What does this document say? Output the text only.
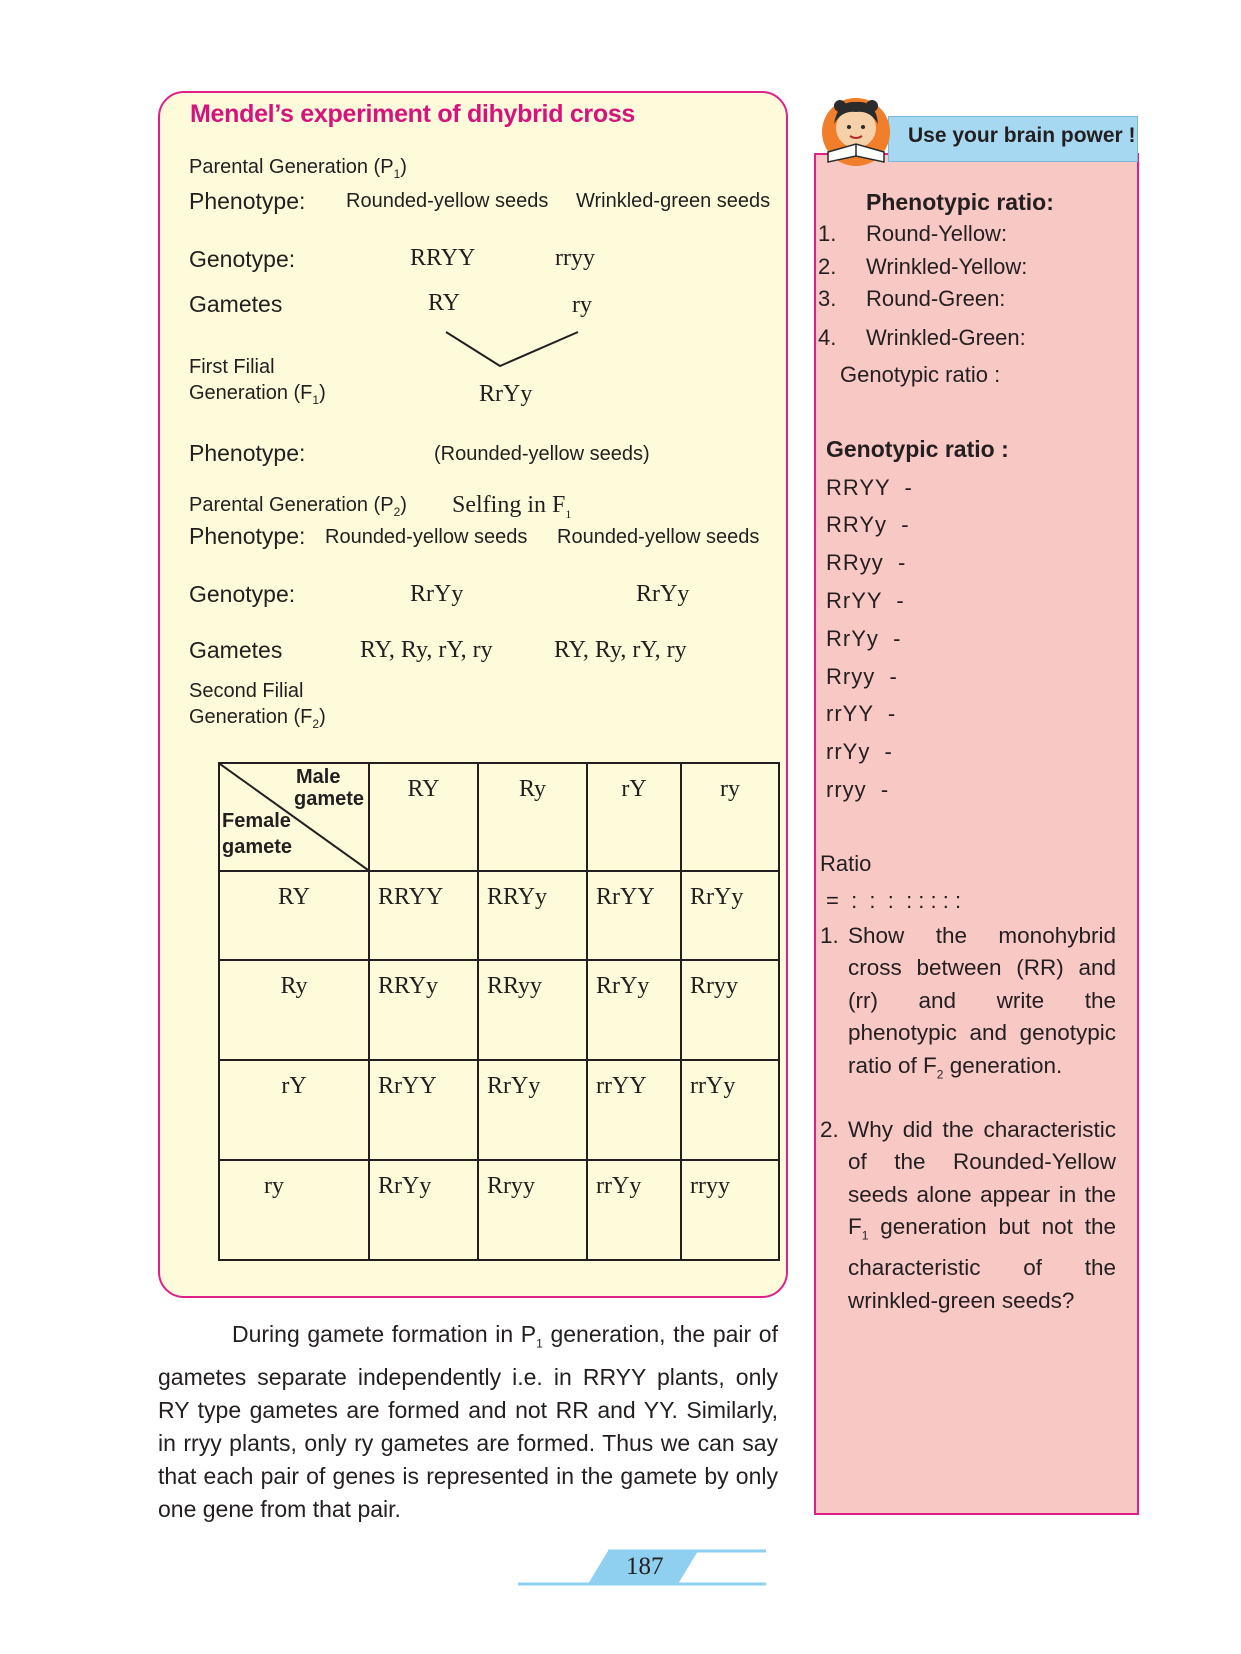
Mendel’s experiment of dihybrid cross
Parental Generation $(P_1)$
Phenotype: Rounded-yellow seeds Wrinkled-green seeds
Genotype:	RRYY	rryy
Gametes	RY	ry
First Filial
Generation $(F_1)$	RrYy
Phenotype:	(Rounded-yellow seeds)
Parental Generation $(P_2)$ Selfing in $F_1$
Phenotype: Rounded-yellow seeds Rounded-yellow seeds
Genotype:	RrYy	RrYy
Gametes	RY, Ry, rY, ry	RY, Ry, rY, ry
Second Filial
Generation $(F_2)$
Male
gamete
Female
gamete	RY	Ry	rY	ry
RY	RRYY	RRYy	RrYY	RrYy
Ry	RRYy	RRyy	RrYy	Rryy
rY	RrYY	RrYy	rrYY	rrYy
ry	RrYy	Rryy	rrYy	rryy
During gamete formation in $P_1$ generation, the pair of gametes separate independently i.e. in RRYY plants, only RY type gametes are formed and not RR and YY. Similarly, in rryy plants, only ry gametes are formed. Thus we can say that each pair of genes is represented in the gamete by only one gene from that pair.
Use your brain power !
Phenotypic ratio:
1. Round-Yellow:
2. Wrinkled-Yellow:
3. Round-Green:
4. Wrinkled-Green:
Genotypic ratio :
Genotypic ratio :
RRYY  -
RRYy  -
RRyy  -
RrYY  -
RrYy  -
Rryy  -
rrYY  -
rrYy  -
rryy  -
Ratio
=  :  :  :  : : : : :
1. Show the monohybrid cross between (RR) and (rr) and write the phenotypic and genotypic ratio of $F_2$ generation.
2. Why did the characteristic of the Rounded-Yellow seeds alone appear in the $F_1$ generation but not the characteristic of the wrinkled-green seeds?
187
